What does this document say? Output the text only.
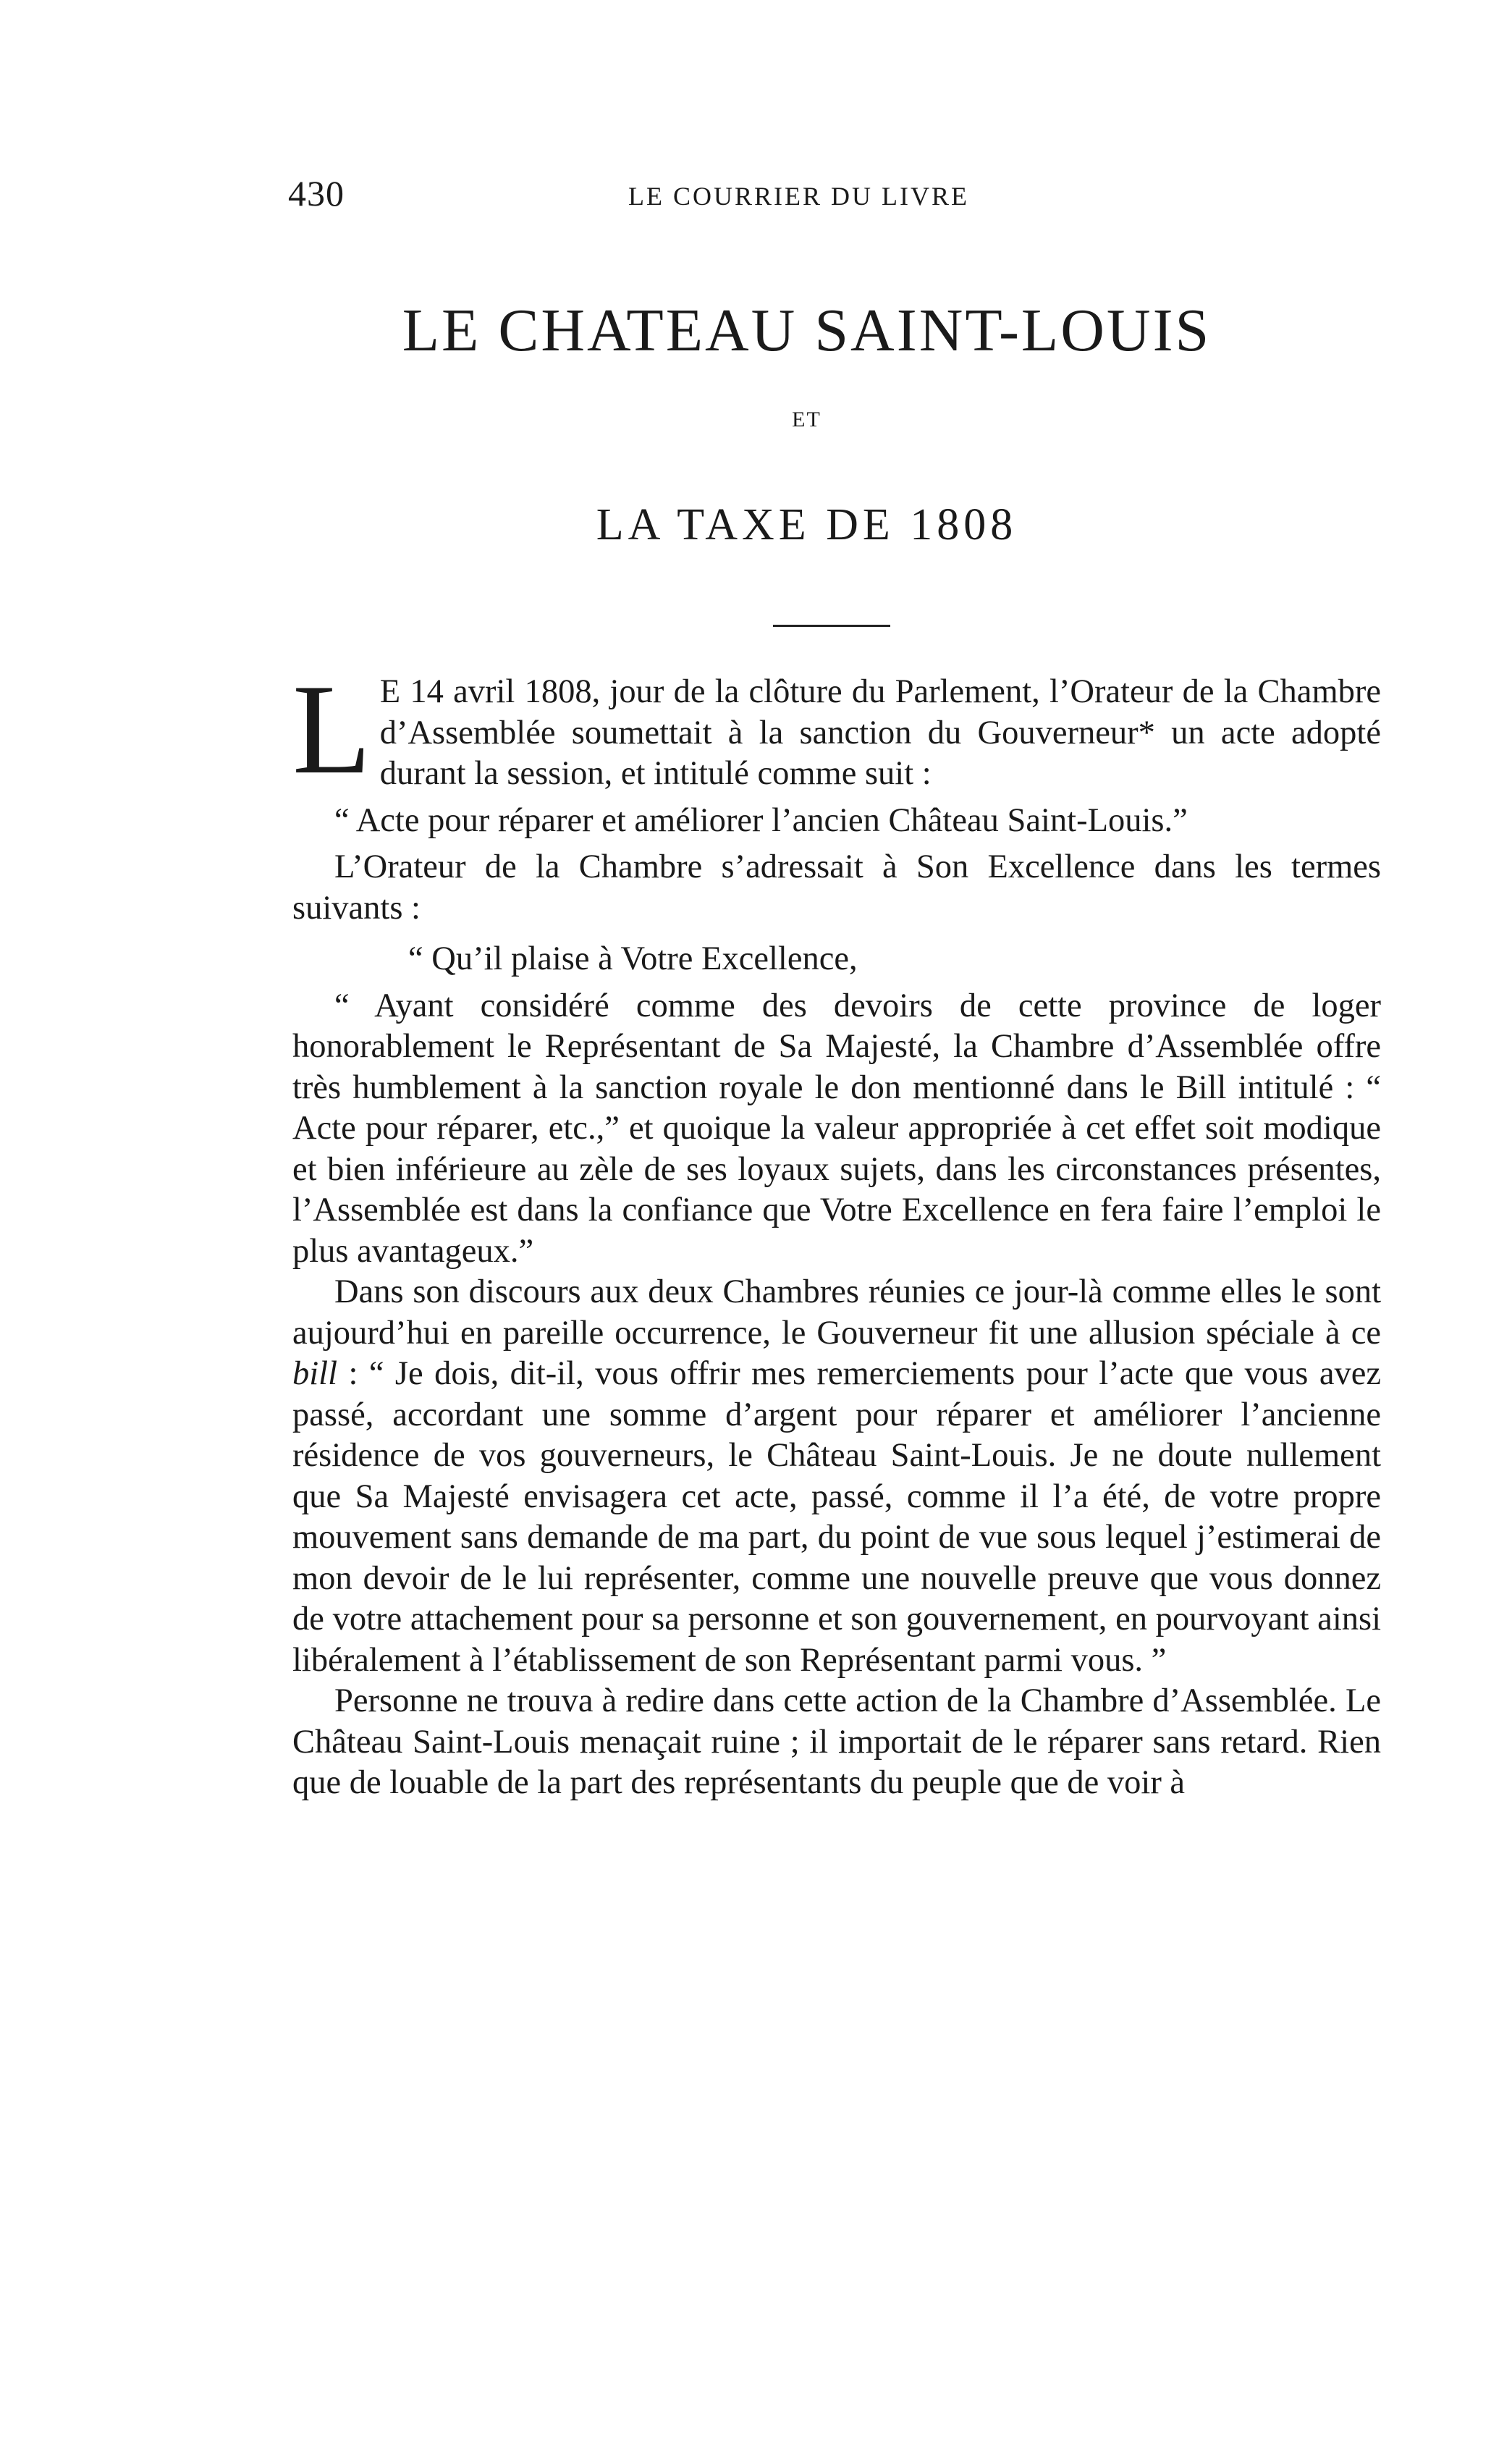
430	LE COURRIER DU LIVRE
LE CHATEAU SAINT-LOUIS
ET
LA TAXE DE 1808

L E 14 avril 1808, jour de la clôture du Parlement, l’Orateur de la Chambre d’Assemblée soumettait à la sanction du Gouverneur* un acte adopté durant la session, et intitulé comme suit :

“ Acte pour réparer et améliorer l’ancien Château Saint-Louis.”

L’Orateur de la Chambre s’adressait à Son Excellence dans les termes suivants :

“ Qu’il plaise à Votre Excellence,

“ Ayant considéré comme des devoirs de cette province de loger honorablement le Représentant de Sa Majesté, la Chambre d’Assemblée offre très humblement à la sanction royale le don mentionné dans le Bill intitulé : “ Acte pour réparer, etc.,” et quoique la valeur appropriée à cet effet soit modique et bien inférieure au zèle de ses loyaux sujets, dans les circonstances présentes, l’Assemblée est dans la confiance que Votre Excellence en fera faire l’emploi le plus avantageux.”

Dans son discours aux deux Chambres réunies ce jour-là comme elles le sont aujourd’hui en pareille occurrence, le Gouverneur fit une allusion spéciale à ce bill : “ Je dois, dit-il, vous offrir mes remerciements pour l’acte que vous avez passé, accordant une somme d’argent pour réparer et améliorer l’ancienne résidence de vos gouverneurs, le Château Saint-Louis. Je ne doute nullement que Sa Majesté envisagera cet acte, passé, comme il l’a été, de votre propre mouvement sans demande de ma part, du point de vue sous lequel j’estimerai de mon devoir de le lui représenter, comme une nouvelle preuve que vous donnez de votre attachement pour sa personne et son gouvernement, en pourvoyant ainsi libéralement à l’établissement de son Représentant parmi vous. ”

Personne ne trouva à redire dans cette action de la Chambre d’Assemblée. Le Château Saint-Louis menaçait ruine ; il importait de le réparer sans retard. Rien que de louable de la part des représentants du peuple que de voir à
